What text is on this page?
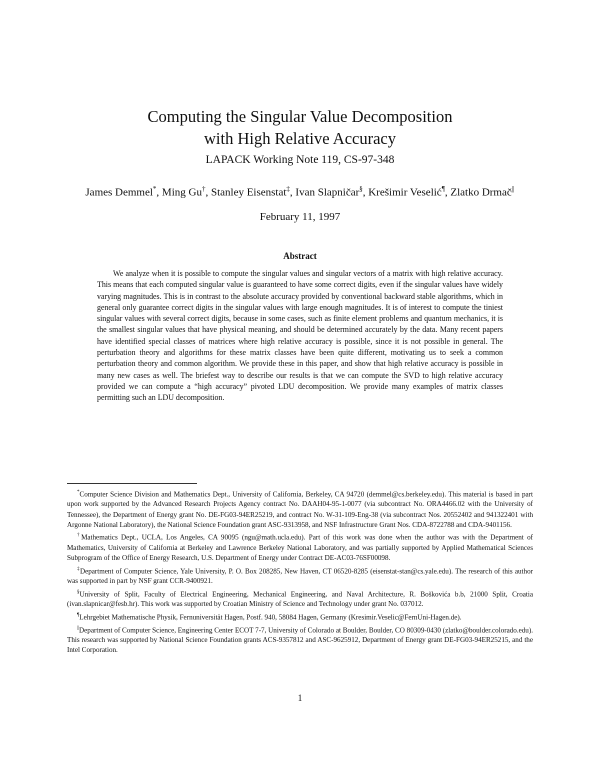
Computing the Singular Value Decomposition
with High Relative Accuracy
LAPACK Working Note 119, CS-97-348
James Demmel*, Ming Gu†, Stanley Eisenstat‡, Ivan Slapničar§, Krešimir Veselić¶, Zlatko Drmač||
February 11, 1997
Abstract
We analyze when it is possible to compute the singular values and singular vectors of a matrix with high relative accuracy. This means that each computed singular value is guaranteed to have some correct digits, even if the singular values have widely varying magnitudes. This is in contrast to the absolute accuracy provided by conventional backward stable algorithms, which in general only guarantee correct digits in the singular values with large enough magnitudes. It is of interest to compute the tiniest singular values with several correct digits, because in some cases, such as finite element problems and quantum mechanics, it is the smallest singular values that have physical meaning, and should be determined accurately by the data. Many recent papers have identified special classes of matrices where high relative accuracy is possible, since it is not possible in general. The perturbation theory and algorithms for these matrix classes have been quite different, motivating us to seek a common perturbation theory and common algorithm. We provide these in this paper, and show that high relative accuracy is possible in many new cases as well. The briefest way to describe our results is that we can compute the SVD to high relative accuracy provided we can compute a “high accuracy” pivoted LDU decomposition. We provide many examples of matrix classes permitting such an LDU decomposition.

*Computer Science Division and Mathematics Dept., University of California, Berkeley, CA 94720 (demmel@cs.berkeley.edu). This material is based in part upon work supported by the Advanced Research Projects Agency contract No. DAAH04-95-1-0077 (via subcontract No. ORA4466.02 with the University of Tennessee), the Department of Energy grant No. DE-FG03-94ER25219, and contract No. W-31-109-Eng-38 (via subcontract Nos. 20552402 and 941322401 with Argonne National Laboratory), the National Science Foundation grant ASC-9313958, and NSF Infrastructure Grant Nos. CDA-8722788 and CDA-9401156.

†Mathematics Dept., UCLA, Los Angeles, CA 90095 (ngu@math.ucla.edu). Part of this work was done when the author was with the Department of Mathematics, University of California at Berkeley and Lawrence Berkeley National Laboratory, and was partially supported by Applied Mathematical Sciences Subprogram of the Office of Energy Research, U.S. Department of Energy under Contract DE-AC03-76SF00098.

‡Department of Computer Science, Yale University, P. O. Box 208285, New Haven, CT 06520-8285 (eisenstat-stan@cs.yale.edu). The research of this author was supported in part by NSF grant CCR-9400921.

§University of Split, Faculty of Electrical Engineering, Mechanical Engineering, and Naval Architecture, R. Boškovića b.b, 21000 Split, Croatia (ivan.slapnicar@fesb.hr). This work was supported by Croatian Ministry of Science and Technology under grant No. 037012.

¶Lehrgebiet Mathematische Physik, Fernuniversität Hagen, Postf. 940, 58084 Hagen, Germany (Kresimir.Veselic@FernUni-Hagen.de).

||Department of Computer Science, Engineering Center ECOT 7-7, University of Colorado at Boulder, Boulder, CO 80309-0430 (zlatko@boulder.colorado.edu). This research was supported by National Science Foundation grants ACS-9357812 and ASC-9625912, Department of Energy grant DE-FG03-94ER25215, and the Intel Corporation.

1
